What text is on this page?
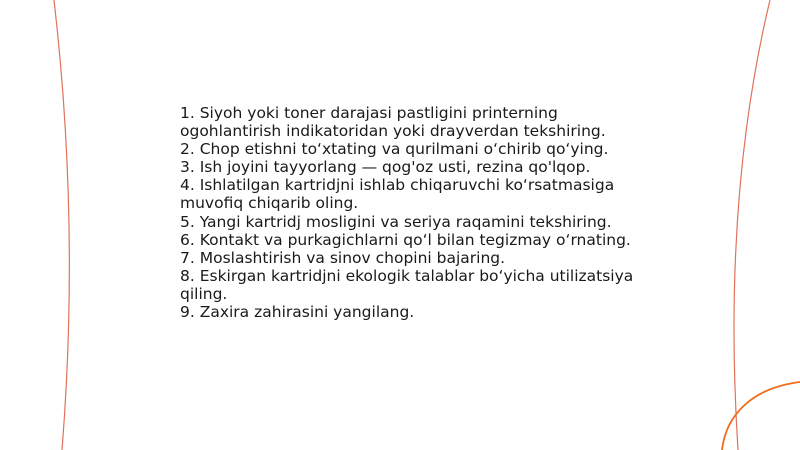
1. Siyoh yoki toner darajasi pastligini printerning ogohlantirish indikatoridan yoki drayverdan tekshiring.
2. Chop etishni to‘xtating va qurilmani o‘chirib qo‘ying.
3. Ish joyini tayyorlang — qog'oz usti, rezina qo'lqop.
4. Ishlatilgan kartridjni ishlab chiqaruvchi ko‘rsatmasiga muvofiq chiqarib oling.
5. Yangi kartridj mosligini va seriya raqamini tekshiring.
6. Kontakt va purkagichlarni qo‘l bilan tegizmay o‘rnating.
7. Moslashtirish va sinov chopini bajaring.
8. Eskirgan kartridjni ekologik talablar bo‘yicha utilizatsiya qiling.
9. Zaxira zahirasini yangilang.
